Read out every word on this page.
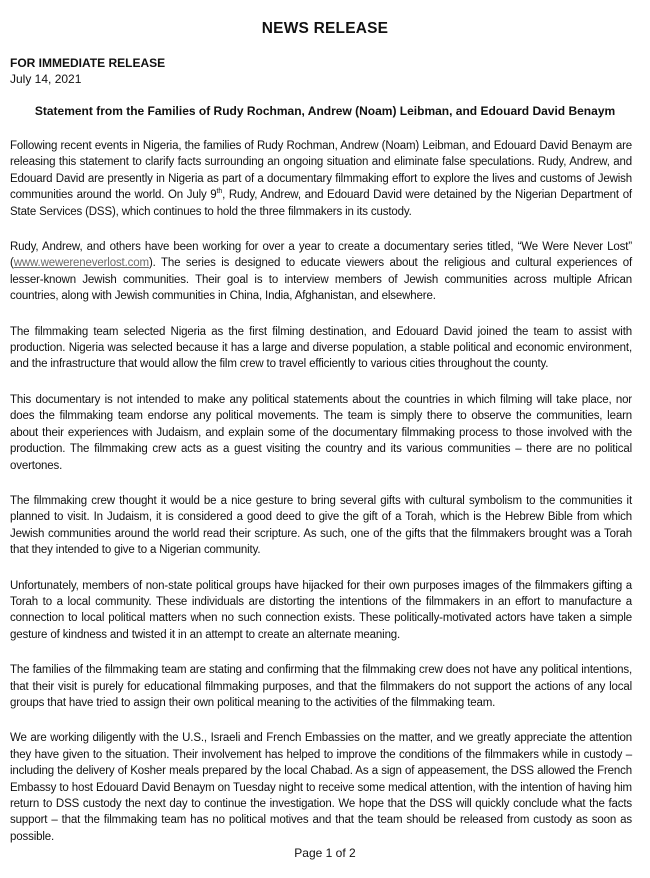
NEWS RELEASE
FOR IMMEDIATE RELEASE
July 14, 2021
Statement from the Families of Rudy Rochman, Andrew (Noam) Leibman, and Edouard David Benaym

Following recent events in Nigeria, the families of Rudy Rochman, Andrew (Noam) Leibman, and Edouard David Benaym are releasing this statement to clarify facts surrounding an ongoing situation and eliminate false speculations. Rudy, Andrew, and Edouard David are presently in Nigeria as part of a documentary filmmaking effort to explore the lives and customs of Jewish communities around the world. On July 9th, Rudy, Andrew, and Edouard David were detained by the Nigerian Department of State Services (DSS), which continues to hold the three filmmakers in its custody.

Rudy, Andrew, and others have been working for over a year to create a documentary series titled, “We Were Never Lost” (www.wewereneverlost.com). The series is designed to educate viewers about the religious and cultural experiences of lesser-known Jewish communities. Their goal is to interview members of Jewish communities across multiple African countries, along with Jewish communities in China, India, Afghanistan, and elsewhere.

The filmmaking team selected Nigeria as the first filming destination, and Edouard David joined the team to assist with production. Nigeria was selected because it has a large and diverse population, a stable political and economic environment, and the infrastructure that would allow the film crew to travel efficiently to various cities throughout the county.

This documentary is not intended to make any political statements about the countries in which filming will take place, nor does the filmmaking team endorse any political movements. The team is simply there to observe the communities, learn about their experiences with Judaism, and explain some of the documentary filmmaking process to those involved with the production. The filmmaking crew acts as a guest visiting the country and its various communities – there are no political overtones.

The filmmaking crew thought it would be a nice gesture to bring several gifts with cultural symbolism to the communities it planned to visit. In Judaism, it is considered a good deed to give the gift of a Torah, which is the Hebrew Bible from which Jewish communities around the world read their scripture. As such, one of the gifts that the filmmakers brought was a Torah that they intended to give to a Nigerian community.

Unfortunately, members of non-state political groups have hijacked for their own purposes images of the filmmakers gifting a Torah to a local community. These individuals are distorting the intentions of the filmmakers in an effort to manufacture a connection to local political matters when no such connection exists. These politically-motivated actors have taken a simple gesture of kindness and twisted it in an attempt to create an alternate meaning.

The families of the filmmaking team are stating and confirming that the filmmaking crew does not have any political intentions, that their visit is purely for educational filmmaking purposes, and that the filmmakers do not support the actions of any local groups that have tried to assign their own political meaning to the activities of the filmmaking team.

We are working diligently with the U.S., Israeli and French Embassies on the matter, and we greatly appreciate the attention they have given to the situation. Their involvement has helped to improve the conditions of the filmmakers while in custody – including the delivery of Kosher meals prepared by the local Chabad. As a sign of appeasement, the DSS allowed the French Embassy to host Edouard David Benaym on Tuesday night to receive some medical attention, with the intention of having him return to DSS custody the next day to continue the investigation. We hope that the DSS will quickly conclude what the facts support – that the filmmaking team has no political motives and that the team should be released from custody as soon as possible.

Page 1 of 2
